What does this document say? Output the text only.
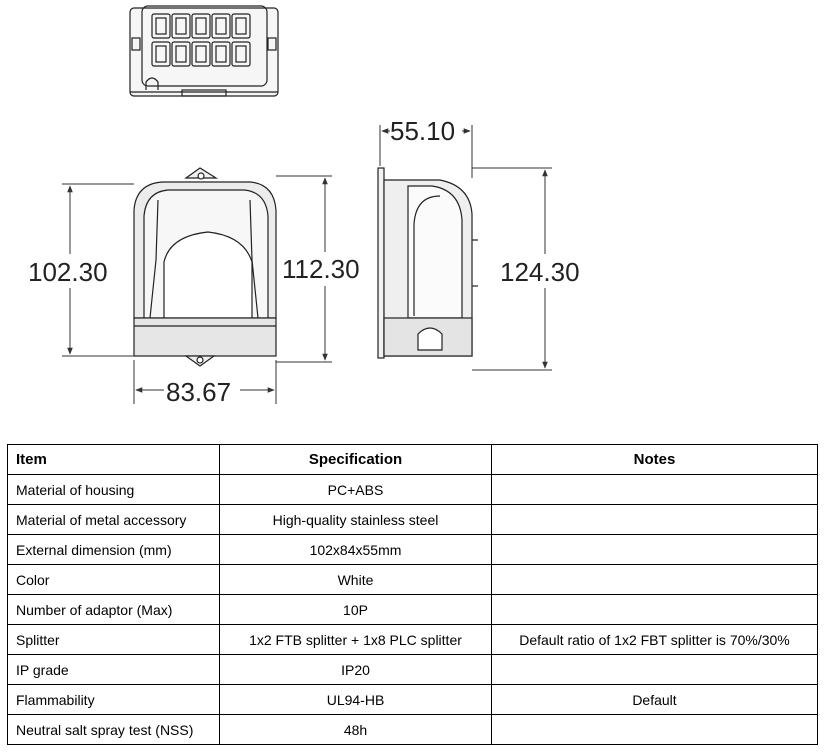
102.30	112.30
83.67
55.10
124.30
Item	Specification	Notes
Material of housing	PC+ABS	
Material of metal accessory	High-quality stainless steel	
External dimension (mm)	102x84x55mm	
Color	White	
Number of adaptor (Max)	10P	
Splitter	1x2 FTB splitter + 1x8 PLC splitter	Default ratio of 1x2 FBT splitter is 70%/30%
IP grade	IP20	
Flammability	UL94-HB	Default
Neutral salt spray test (NSS)	48h	
